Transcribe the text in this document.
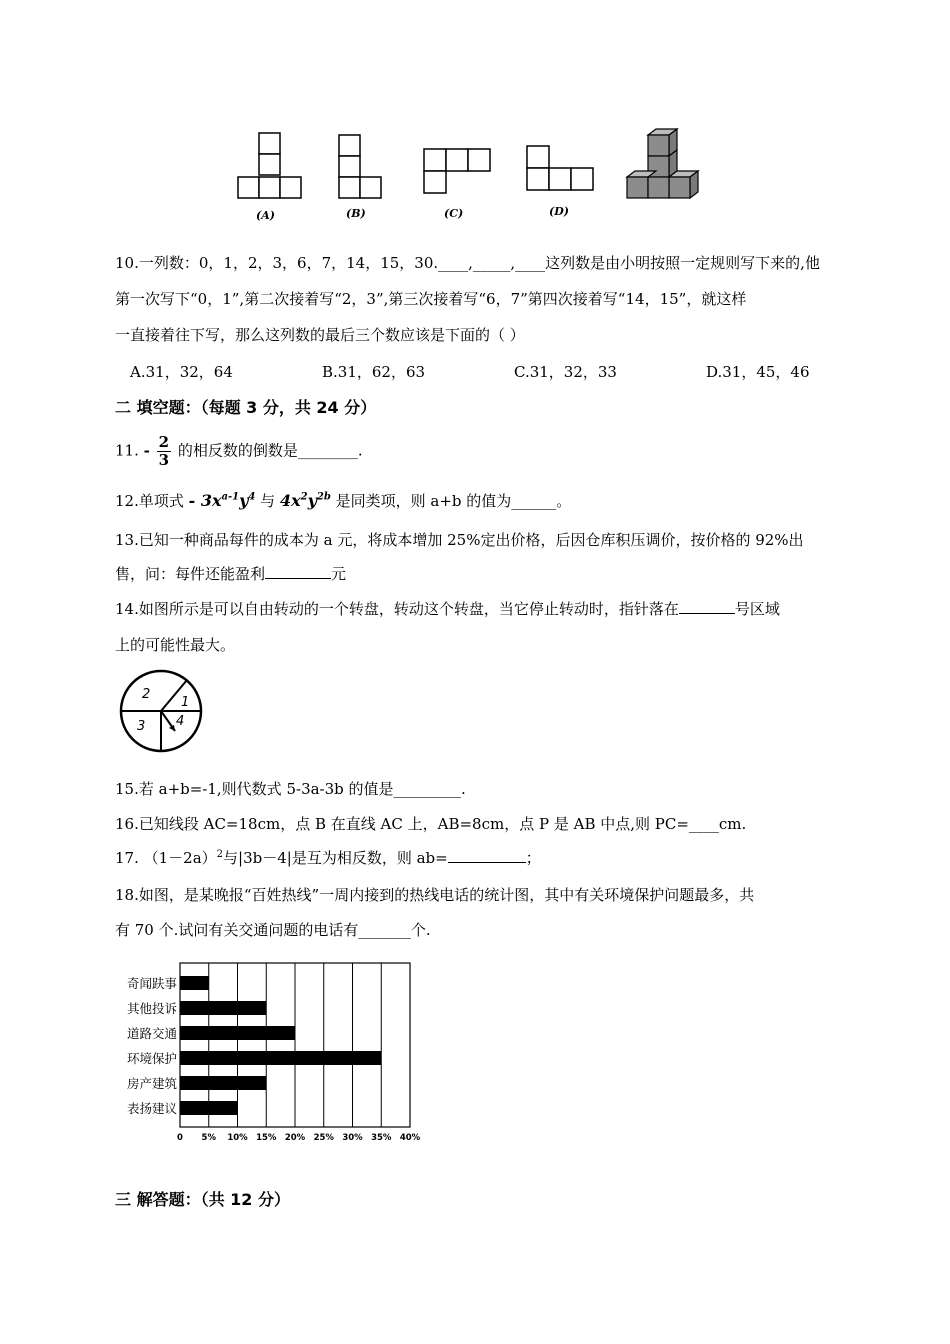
(A)	(B)	(C)	(D)
10.一列数：0，1，2，3，6，7，14，15，30.____,_____,____这列数是由小明按照一定规则写下来的,他
第一次写下“0，1”,第二次接着写“2，3”,第三次接着写“6，7”第四次接着写“14，15”，就这样
一直接着往下写，那么这列数的最后三个数应该是下面的（ ）
A.31，32，64	B.31，62，63	C.31，32，33	D.31，45，46
二 填空题：（每题 3 分，共 24 分）
11. - $\frac{2}{3}$ 的相反数的倒数是________.
12.单项式 - $3x^{a-1}y^4$ 与 $4x^2y^{2b}$ 是同类项，则 a+b 的值为______。
13.已知一种商品每件的成本为 a 元，将成本增加 25%定出价格，后因仓库积压调价，按价格的 92%出
售，问：每件还能盈利	元
14.如图所示是可以自由转动的一个转盘，转动这个转盘，当它停止转动时，指针落在	号区域
上的可能性最大。
2
1
3 4
15.若 a+b=-1,则代数式 5-3a-3b 的值是_________.
16.已知线段 AC=18cm，点 B 在直线 AC 上，AB=8cm，点 P 是 AB 中点,则 PC=____cm.
17. $(1-2a)^2$与|3b－4|是互为相反数，则 ab=	；
18.如图，是某晚报“百姓热线”一周内接到的热线电话的统计图，其中有关环境保护问题最多，共
有 70 个.试问有关交通问题的电话有_______个.
0 5% 10% 15% 20% 25% 30% 35% 40%
奇闻趺事
其他投诉
道路交通
环境保护
房产建筑
表扬建议
三 解答题：（共 12 分）
